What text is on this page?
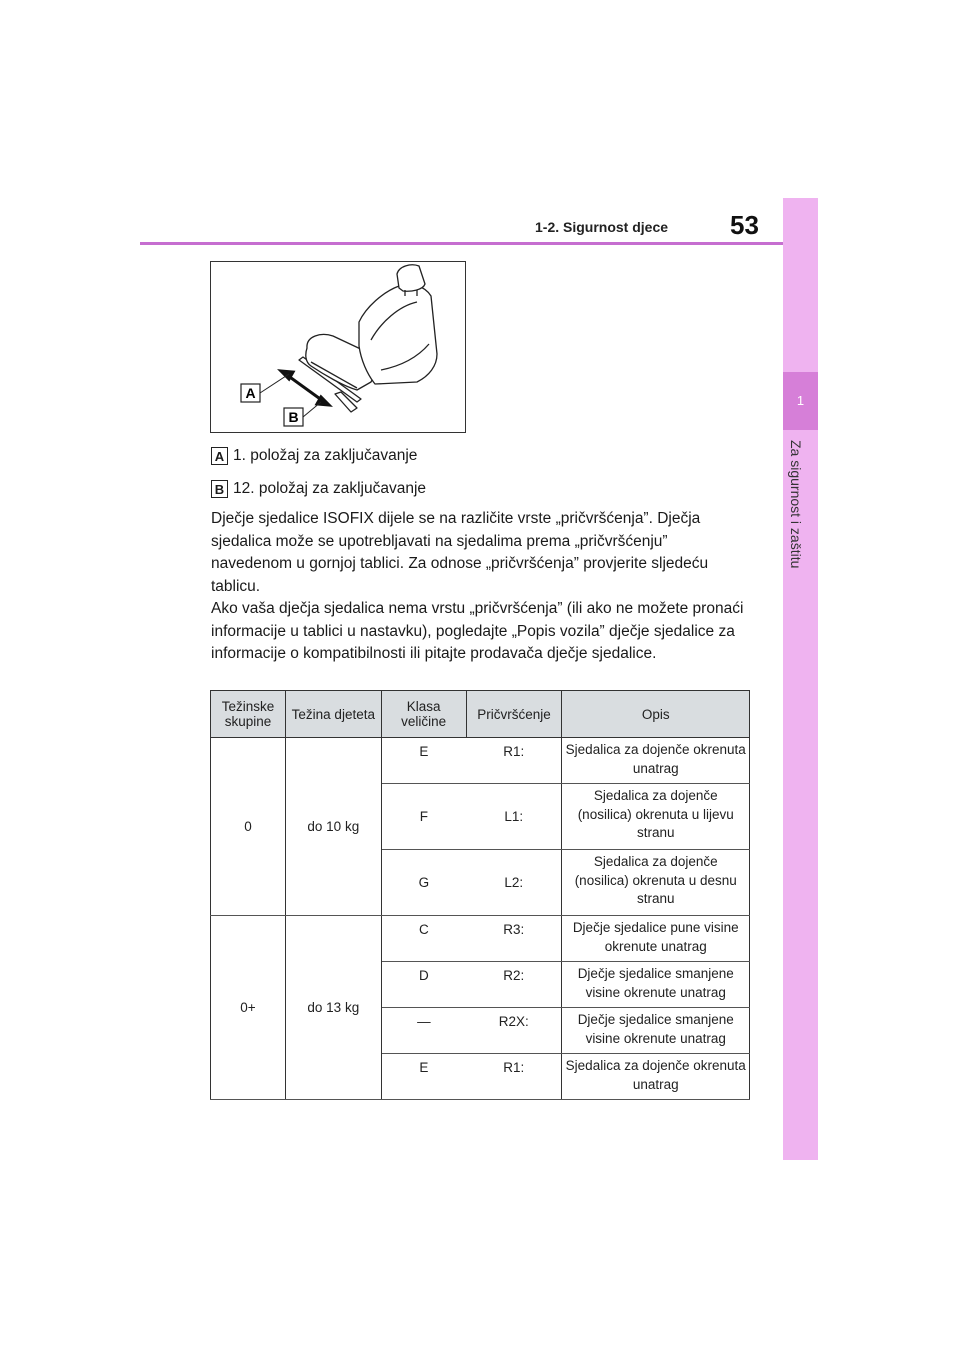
1
Za sigurnost i zaštitu
1-2. Sigurnost djece	53
A
B
A 1. položaj za zaključavanje
B 12. položaj za zaključavanje

Dječje sjedalice ISOFIX dijele se na različite vrste „pričvršćenja”. Dječja sjedalica može se upotrebljavati na sjedalima prema „pričvršćenju” navedenom u gornjoj tablici. Za odnose „pričvršćenja” provjerite sljedeću tablicu.

Ako vaša dječja sjedalica nema vrstu „pričvršćenja” (ili ako ne možete pronaći informacije u tablici u nastavku), pogledajte „Popis vozila” dječje sjedalice za informacije o kompatibilnosti ili pitajte prodavača dječje sjedalice.

Težinske skupine	Težina djeteta	Klasa veličine	Pričvršćenje	Opis
0	do 10 kg	E	R1:	Sjedalica za dojenče okrenuta unatrag
		F	L1:	Sjedalica za dojenče (nosilica) okrenuta u lijevu stranu
		G	L2:	Sjedalica za dojenče (nosilica) okrenuta u desnu stranu
0+	do 13 kg	C	R3:	Dječje sjedalice pune visine okrenute unatrag
		D	R2:	Dječje sjedalice smanjene visine okrenute unatrag
		—	R2X:	Dječje sjedalice smanjene visine okrenute unatrag
		E	R1:	Sjedalica za dojenče okrenuta unatrag
